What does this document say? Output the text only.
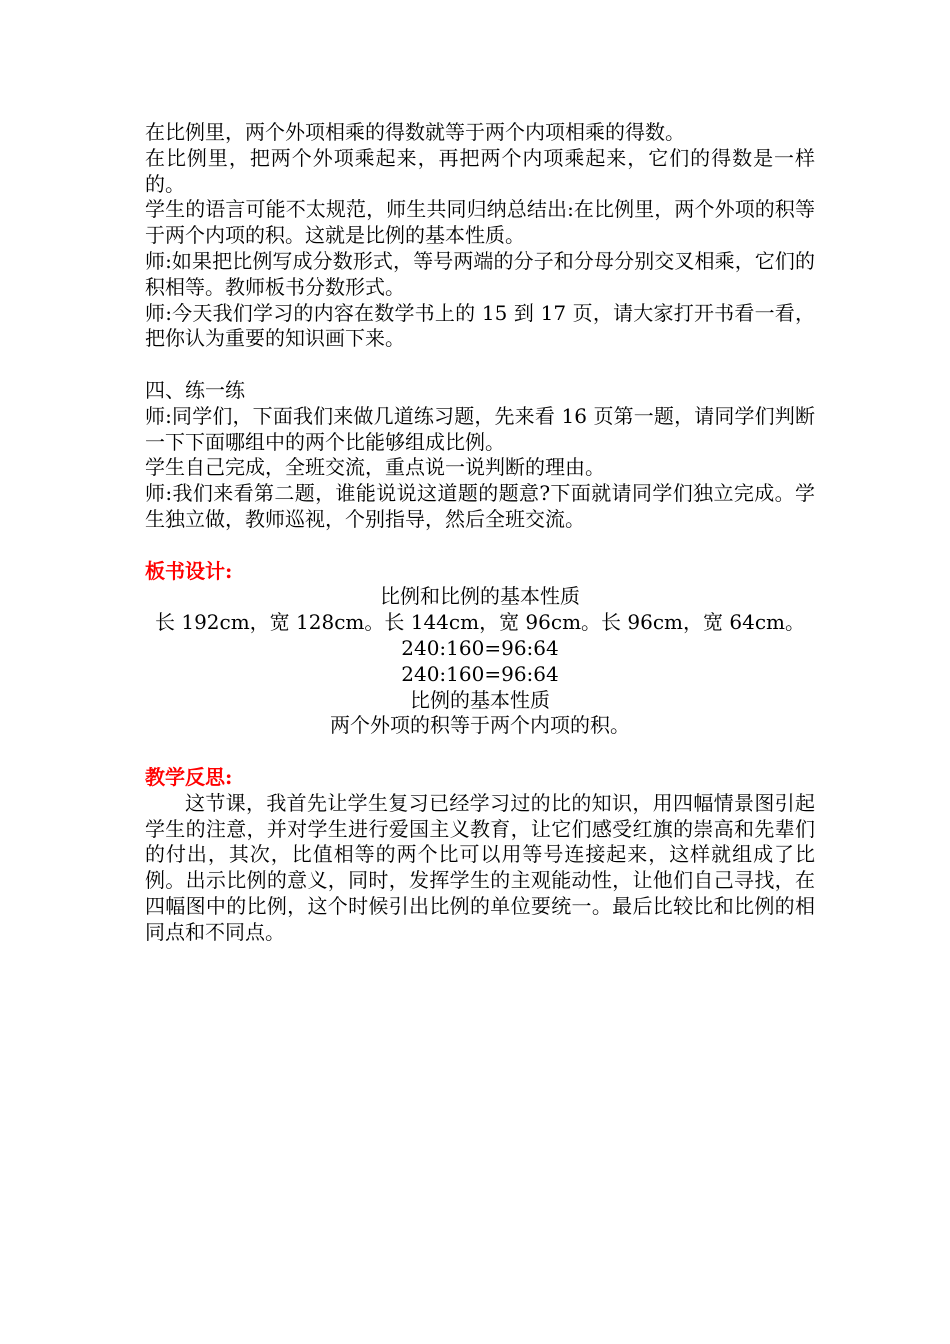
在比例里，两个外项相乘的得数就等于两个内项相乘的得数。

在比例里，把两个外项乘起来，再把两个内项乘起来，它们的得数是一样的。

学生的语言可能不太规范，师生共同归纳总结出:在比例里，两个外项的积等于两个内项的积。这就是比例的基本性质。

师:如果把比例写成分数形式，等号两端的分子和分母分别交叉相乘，它们的积相等。教师板书分数形式。

师:今天我们学习的内容在数学书上的 15 到 17 页，请大家打开书看一看，把你认为重要的知识画下来。

四、练一练

师:同学们，下面我们来做几道练习题，先来看 16 页第一题，请同学们判断一下下面哪组中的两个比能够组成比例。

学生自己完成，全班交流，重点说一说判断的理由。

师:我们来看第二题，谁能说说这道题的题意?下面就请同学们独立完成。学生独立做，教师巡视，个别指导，然后全班交流。

板书设计:

比例和比例的基本性质

长 192cm，宽 128cm。长 144cm，宽 96cm。长 96cm，宽 64cm。

240:160=96:64

240:160=96:64

比例的基本性质

两个外项的积等于两个内项的积。

教学反思:

这节课，我首先让学生复习已经学习过的比的知识，用四幅情景图引起学生的注意，并对学生进行爱国主义教育，让它们感受红旗的崇高和先辈们的付出，其次，比值相等的两个比可以用等号连接起来，这样就组成了比例。出示比例的意义，同时，发挥学生的主观能动性，让他们自己寻找，在四幅图中的比例，这个时候引出比例的单位要统一。最后比较比和比例的相同点和不同点。
